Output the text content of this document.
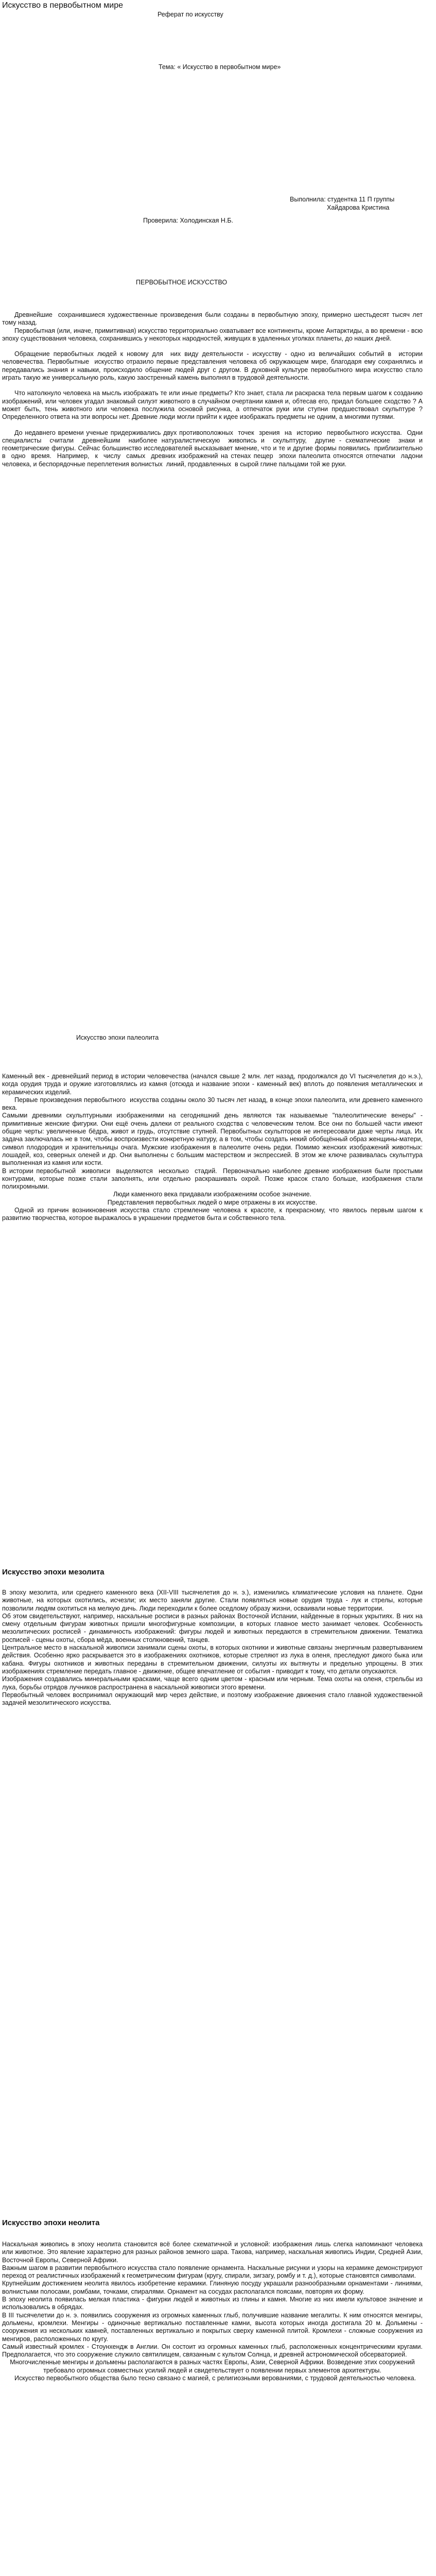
Искусство в первобытном мире
Реферат по искусству
Тема: « Искусство в первобытном мире»
Выполнила: студентка 11 П группы
Хайдарова Кристина
Проверила: Холодинская Н.Б.
ПЕРВОБЫТНОЕ ИСКУССТВО

Древнейшие  сохранившиеся художественные произведения были созданы в первобытную эпоху, примерно шестьдесят тысяч лет тому назад.

Первобытная (или, иначе, примитивная) искусство территориально охватывает все континенты, кроме Антарктиды, а во времени - всю эпоху существования человека, сохранившись у некоторых народностей, живущих в удаленных уголках планеты, до наших дней.

Обращение первобытных людей к новому для  них виду деятельности - искусству - одно из величайших событий в  истории человечества. Первобытные  искусство отразило первые представления человека об окружающем мире, благодаря ему сохранялись и передавались знания и навыки, происходило общение людей друг с другом. В духовной культуре первобытного мира искусство стало играть такую же универсальную роль, какую заостренный камень выполнял в трудовой деятельности.

Что натолкнуло человека на мысль изображать те или иные предметы? Кто знает, стала ли раскраска тела первым шагом к созданию изображений, или человек угадал знакомый силуэт животного в случайном очертании камня и, обтесав его, придал большее сходство ? А может быть, тень животного или человека послужила основой рисунка, а отпечаток руки или ступни предшествовал скульптуре ? Определенного ответа на эти вопросы нет. Древние люди могли прийти к идее изображать предметы не одним, а многими путями.

До недавнего времени ученые придерживались двух противоположных  точек  зрения  на  историю  первобытного искусства.  Одни специалисты  считали  древнейшим  наиболее натуралистическую  живопись и  скульптуру,  другие - схематические  знаки и геометрические фигуры. Сейчас большинство исследователей высказывает мнение, что и те и другие формы появились  приблизительно  в  одно  время.  Например,  к  числу  самых  древних изображений на стенах пещер  эпохи палеолита относятся отпечатки  ладони человека, и беспорядочные переплетения волнистых  линий, продавленных  в сырой глине пальцами той же руки.

Искусство эпохи палеолита

Каменный век - древнейший период в истории человечества (начался свыше 2 млн. лет назад, продолжался до VI тысячелетия до н.э.), когда орудия труда и оружие изготовлялись из камня (отсюда и название эпохи - каменный век) вплоть до появления металлических и керамических изделий.

Первые произведения первобытного  искусства созданы около 30 тысяч лет назад, в конце эпохи палеолита, или древнего каменного века.

Самыми древними скульптурными изображениями на сегодняшний день являются так называемые "палеолитические венеры" - примитивные женские фигурки. Они ещё очень далеки от реального сходства с человеческим телом. Все они по большей части имеют общие черты: увеличенные бёдра, живот и грудь, отсутствие ступней. Первобытных скульпторов не интересовали даже черты лица. Их задача заключалась не в том, чтобы воспроизвести конкретную натуру, а в том, чтобы создать некий обобщённый образ женщины-матери, символ плодородия и хранительницы очага. Мужские изображения в палеолите очень редки. Помимо женских изображений животных: лошадей, коз, северных оленей и др. Они выполнены с большим мастерством и экспрессией. В этом же ключе развивалась скульптура выполненная из камня или кости.

В истории первобытной  живописи  выделяются  несколько  стадий.  Первоначально наиболее древние изображения были простыми контурами, которые позже стали заполнять, или отдельно раскрашивать охрой. Позже красок стало больше, изображения стали полихромными.

Люди каменного века придавали изображениям особое значение.

Представления первобытных людей о мире отражены в их искусстве.

Одной из причин возникновения искусства стало стремление человека к красоте, к прекрасному, что явилось первым шагом к развитию творчества, которое выражалось в украшении предметов быта и собственного тела.

Искусство эпохи мезолита

В эпоху мезолита, или среднего каменного века (XII-VIII тысячелетия до н. э.), изменились климатические условия на планете. Одни животные, на которых охотились, исчезли; их место заняли другие. Стали появляться новые орудия труда - лук и стрелы, которые позволили людям охотиться на мелкую дичь. Люди переходили к более оседлому образу жизни, осваивали новые территории.

Об этом свидетельствуют, например, наскальные росписи в разных районах Восточной Испании, найденные в горных укрытиях. В них на смену отдельным фигурам животных пришли многофигурные композиции, в которых главное место занимает человек. Особенность мезолитических росписей - динамичность изображений: фигуры людей и животных передаются в стремительном движении. Тематика росписей - сцены охоты, сбора мёда, военных столкновений, танцев.

Центральное место в наскальной живописи занимали сцены охоты, в которых охотники и животные связаны энергичным развертыванием действия. Особенно ярко раскрывается это в изображениях охотников, которые стреляют из лука в оленя, преследуют дикого быка или кабана. Фигуры охотников и животных переданы в стремительном движении, силуэты их вытянуты и предельно упрощены. В этих изображениях стремление передать главное - движение, общее впечатление от события - приводит к тому, что детали опускаются.

Изображения создавались минеральными красками, чаще всего одним цветом - красным или черным. Тема охоты на оленя, стрельбы из лука, борьбы отрядов лучников распространена в наскальной живописи этого времени.

Первобытный человек воспринимал окружающий мир через действие, и поэтому изображение движения стало главной художественной задачей мезолитического искусства.

Искусство эпохи неолита

Наскальная живопись в эпоху неолита становится всё более схематичной и условной: изображения лишь слегка напоминают человека или животное. Это явление характерно для разных районов земного шара. Такова, например, наскальная живопись Индии, Средней Азии, Восточной Европы, Северной Африки.

Важным шагом в развитии первобытного искусства стало появление орнамента. Наскальные рисунки и узоры на керамике демонстрируют переход от реалистичных изображений к геометрическим фигурам (кругу, спирали, зигзагу, ромбу и т. д.), которые становятся символами.

Крупнейшим достижением неолита явилось изобретение керамики. Глиняную посуду украшали разнообразными орнаментами - линиями, волнистыми полосами, ромбами, точками, спиралями. Орнамент на сосудах располагался поясами, повторяя их форму.

В эпоху неолита появилась мелкая пластика - фигурки людей и животных из глины и камня. Многие из них имели культовое значение и использовались в обрядах.

В III тысячелетии до н. э. появились сооружения из огромных каменных глыб, получившие название мегалиты. К ним относятся менгиры, дольмены, кромлехи. Менгиры - одиночные вертикально поставленные камни, высота которых иногда достигала 20 м. Дольмены - сооружения из нескольких камней, поставленных вертикально и покрытых сверху каменной плитой. Кромлехи - сложные сооружения из менгиров, расположенных по кругу.

Самый известный кромлех - Стоунхендж в Англии. Он состоит из огромных каменных глыб, расположенных концентрическими кругами. Предполагается, что это сооружение служило святилищем, связанным с культом Солнца, и древней астрономической обсерваторией.

Многочисленные менгиры и дольмены располагаются в разных частях Европы, Азии, Северной Африки. Возведение этих сооружений требовало огромных совместных усилий людей и свидетельствует о появлении первых элементов архитектуры.

Искусство первобытного общества было тесно связано с магией, с религиозными верованиями, с трудовой деятельностью человека.
